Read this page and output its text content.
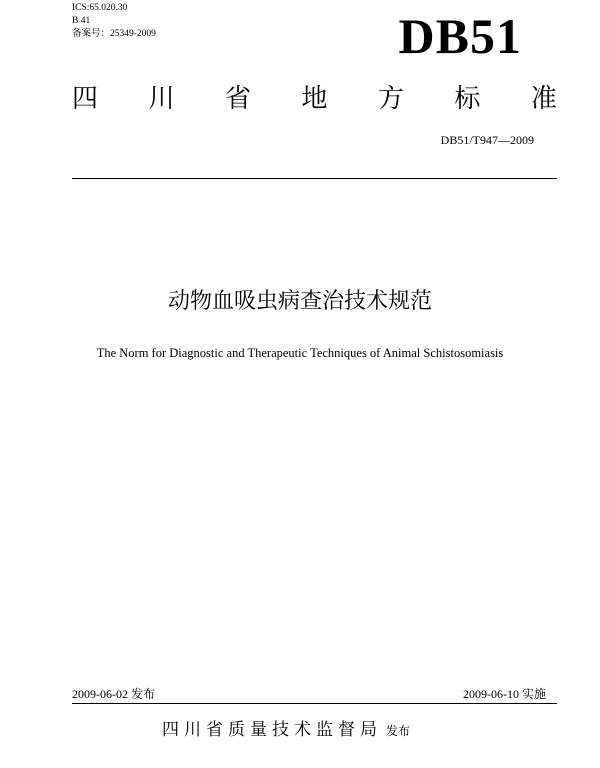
ICS:65.020.30
B 41
备案号：25349-2009	DB51
四 川 省 地 方 标 准
DB51/T947—2009
动物血吸虫病查治技术规范
The Norm for Diagnostic and Therapeutic Techniques of Animal Schistosomiasis
2009-06-02 发布	2009-06-10 实施
四川省质量技术监督局 发布
